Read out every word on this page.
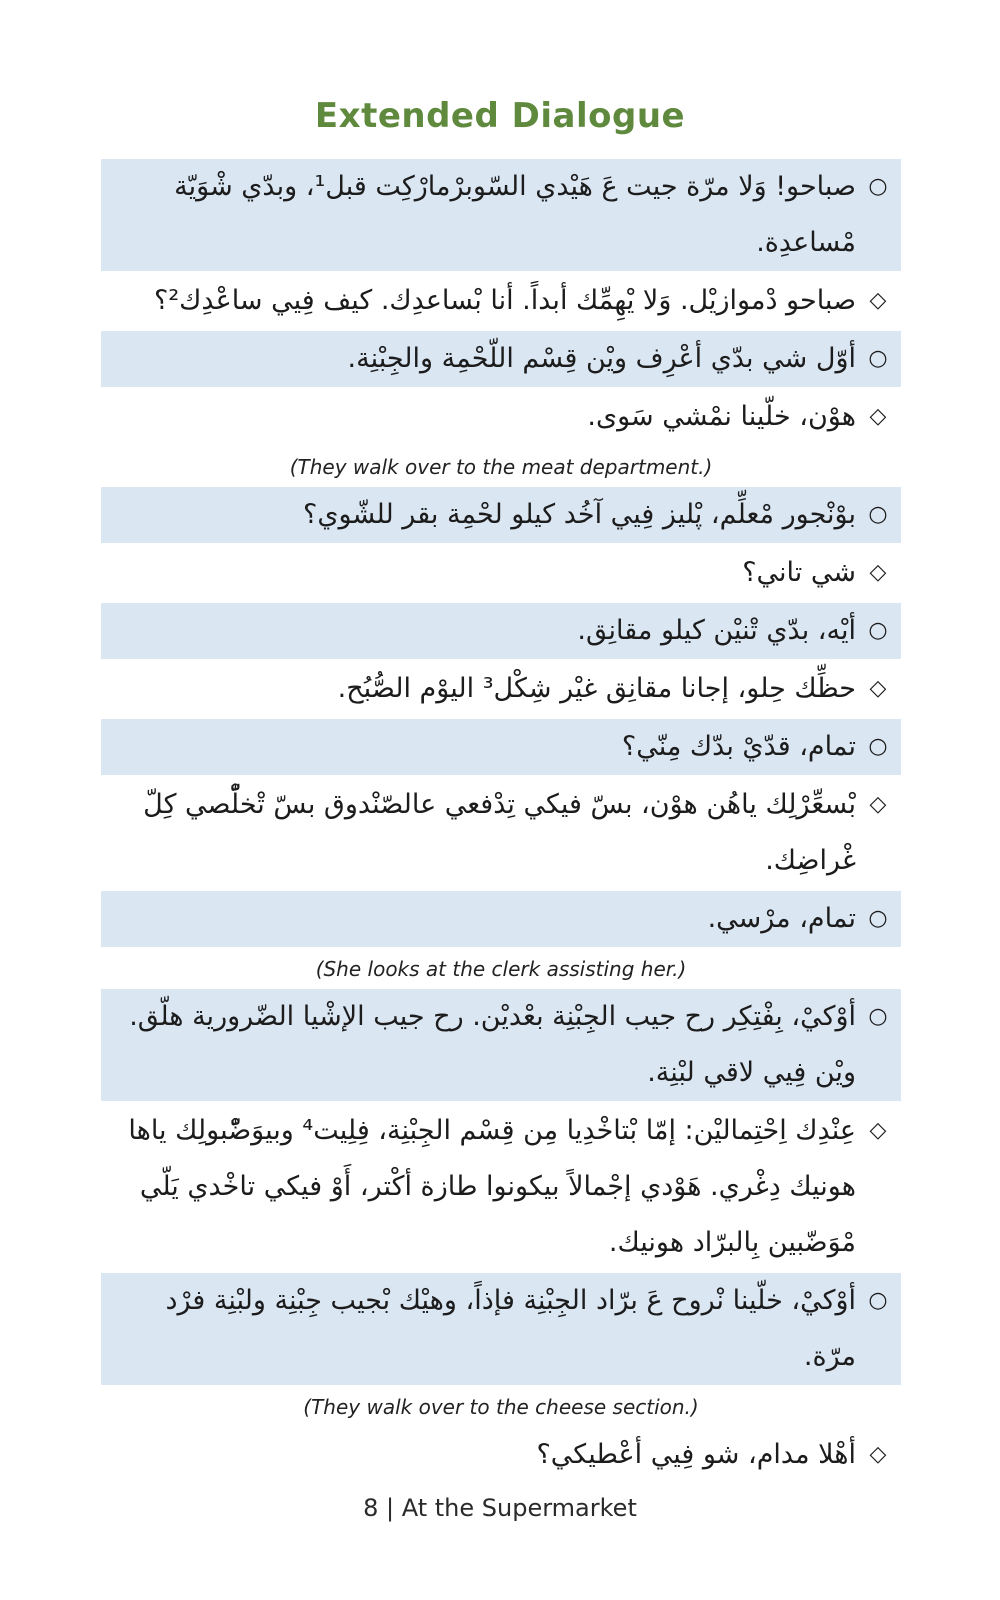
Extended Dialogue
○
صباحو! وَلا مرّة جيت عَ هَيْدي السّوبرْمارْكِت قبل¹، وبدّي شْوَيّة مْساعدِة.
◇
صباحو دْموازيْل. وَلا يْهِمِّك أبداً. أنا بْساعدِك. كيف فِيي ساعْدِك²؟
○
أوّل شي بدّي أعْرِف ويْن قِسْم اللّحْمِة والجِبْنِة.
◇
هوْن، خلّينا نمْشي سَوى.
(They walk over to the meat department.)
○
بوْنْجور مْعلِّم، پْليز فِيي آخُد كيلو لحْمِة بقر للشّوي؟
◇
شي تاني؟
○
أيْه، بدّي تْنيْن كيلو مقانِق.
◇
حظِّك حِلو، إجانا مقانِق غيْر شِكْل³ اليوْم الصُّبُح.
○
تمام، قدّيْ بدّك مِنّي؟
◇
بْسعِّرْلِك ياهُن هوْن، بسّ فيكي تِدْفعي عالصّنْدوق بسّ تْخلّْصي كِلّ غْراضِك.
○
تمام، مرْسي.
(She looks at the clerk assisting her.)
○
أوْكيْ، بِفْتِكِر رح جيب الجِبْنِة بعْديْن. رح جيب الإشْيا الضّرورية هلّق. ويْن فِيي لاقي لبْنِة.
◇
عِنْدِك اِحْتِماليْن: إمّا بْتاخْدِيا مِن قِسْم الجِبْنِة، فِلِيت⁴ وبيوَضّْبولِك ياها هونيك دِغْري. هَوْدي إجْمالاً بيكونوا طازة أكْتر، أَوْ فيكي تاخْدي يَلّي مْوَضّبين بِالبرّاد هونيك.
○
أوْكيْ، خلّينا نْروح عَ برّاد الجِبْنِة فإذاً، وهيْك بْجيب جِبْنِة ولبْنِة فرْد مرّة.
(They walk over to the cheese section.)
◇
أهْلا مدام، شو فِيي أعْطيكي؟
8 | At the Supermarket
